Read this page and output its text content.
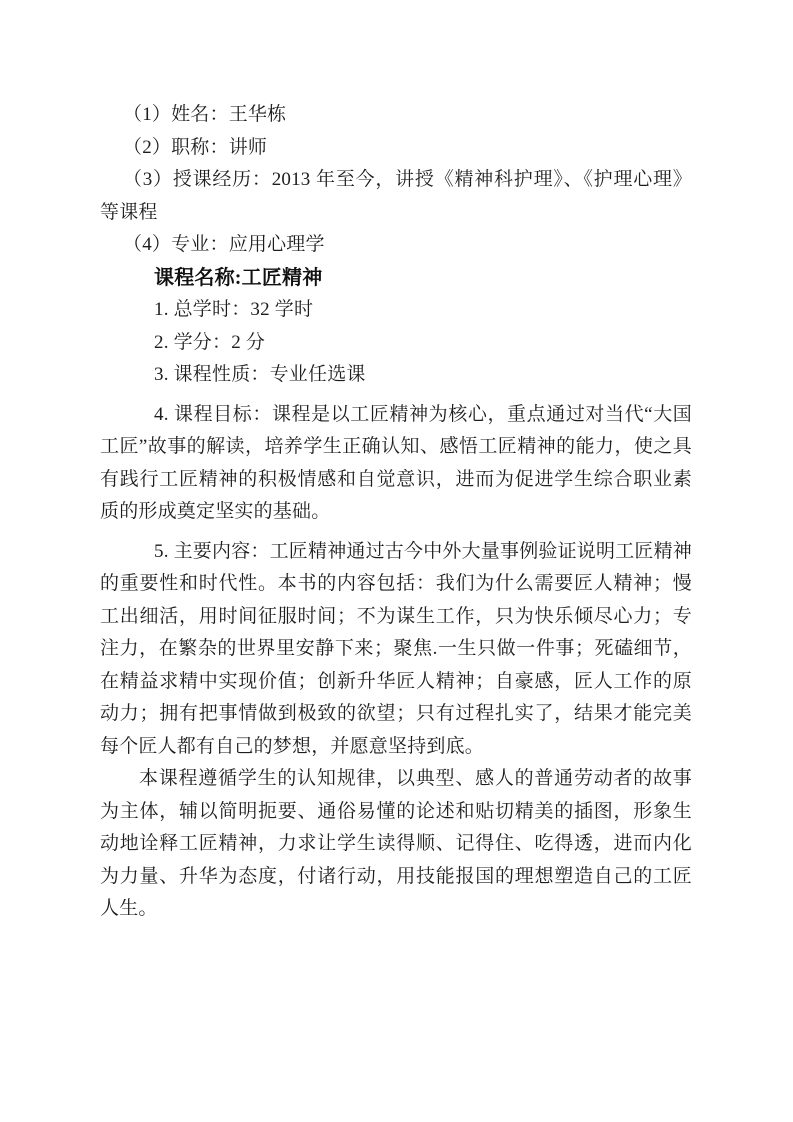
（1）姓名：王华栋

（2）职称：讲师

（3）授课经历：2013 年至今，讲授《精神科护理》、《护理心理》等课程

（4）专业：应用心理学

课程名称:工匠精神

1. 总学时：32 学时

2. 学分：2 分

3. 课程性质：专业任选课

4. 课程目标：课程是以工匠精神为核心，重点通过对当代“大国工匠”故事的解读，培养学生正确认知、感悟工匠精神的能力，使之具有践行工匠精神的积极情感和自觉意识，进而为促进学生综合职业素质的形成奠定坚实的基础。

5. 主要内容：工匠精神通过古今中外大量事例验证说明工匠精神的重要性和时代性。本书的内容包括：我们为什么需要匠人精神；慢工出细活，用时间征服时间；不为谋生工作，只为快乐倾尽心力；专注力，在繁杂的世界里安静下来；聚焦.一生只做一件事；死磕细节，在精益求精中实现价值；创新升华匠人精神；自豪感，匠人工作的原动力；拥有把事情做到极致的欲望；只有过程扎实了，结果才能完美每个匠人都有自己的梦想，并愿意坚持到底。

本课程遵循学生的认知规律，以典型、感人的普通劳动者的故事为主体，辅以简明扼要、通俗易懂的论述和贴切精美的插图，形象生动地诠释工匠精神，力求让学生读得顺、记得住、吃得透，进而内化为力量、升华为态度，付诸行动，用技能报国的理想塑造自己的工匠人生。
